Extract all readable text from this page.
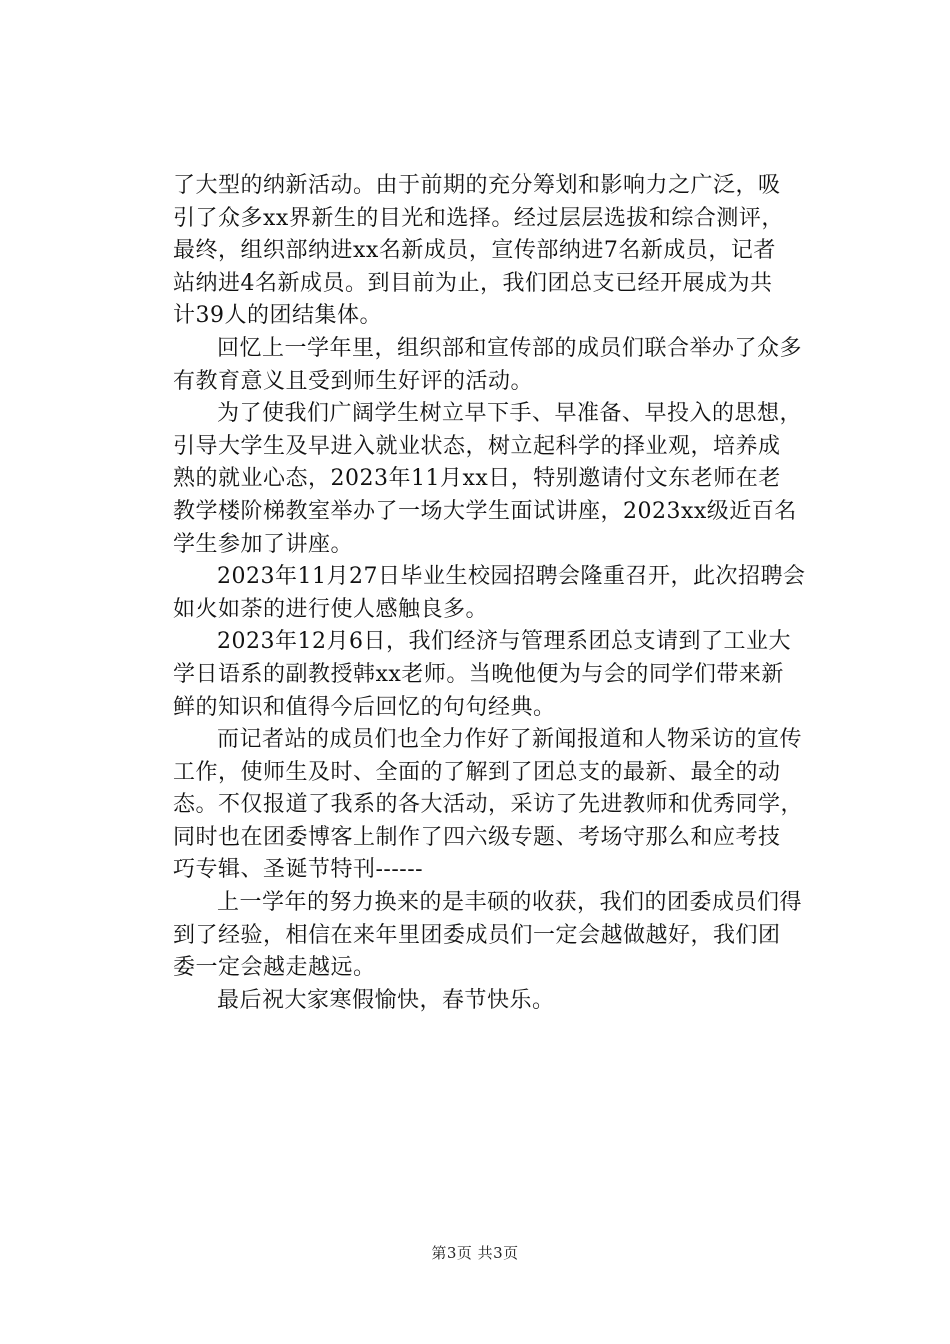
了大型的纳新活动。由于前期的充分筹划和影响力之广泛，吸
引了众多xx界新生的目光和选择。经过层层选拔和综合测评，
最终，组织部纳进xx名新成员，宣传部纳进7名新成员，记者
站纳进4名新成员。到目前为止，我们团总支已经开展成为共
计39人的团结集体。
回忆上一学年里，组织部和宣传部的成员们联合举办了众多
有教育意义且受到师生好评的活动。
为了使我们广阔学生树立早下手、早准备、早投入的思想，
引导大学生及早进入就业状态，树立起科学的择业观，培养成
熟的就业心态，2023年11月xx日，特别邀请付文东老师在老
教学楼阶梯教室举办了一场大学生面试讲座，2023xx级近百名
学生参加了讲座。
2023年11月27日毕业生校园招聘会隆重召开，此次招聘会
如火如荼的进行使人感触良多。
2023年12月6日，我们经济与管理系团总支请到了工业大
学日语系的副教授韩xx老师。当晚他便为与会的同学们带来新
鲜的知识和值得今后回忆的句句经典。
而记者站的成员们也全力作好了新闻报道和人物采访的宣传
工作，使师生及时、全面的了解到了团总支的最新、最全的动
态。不仅报道了我系的各大活动，采访了先进教师和优秀同学，
同时也在团委博客上制作了四六级专题、考场守那么和应考技
巧专辑、圣诞节特刊------
上一学年的努力换来的是丰硕的收获，我们的团委成员们得
到了经验，相信在来年里团委成员们一定会越做越好，我们团
委一定会越走越远。
最后祝大家寒假愉快，春节快乐。
第3页 共3页
